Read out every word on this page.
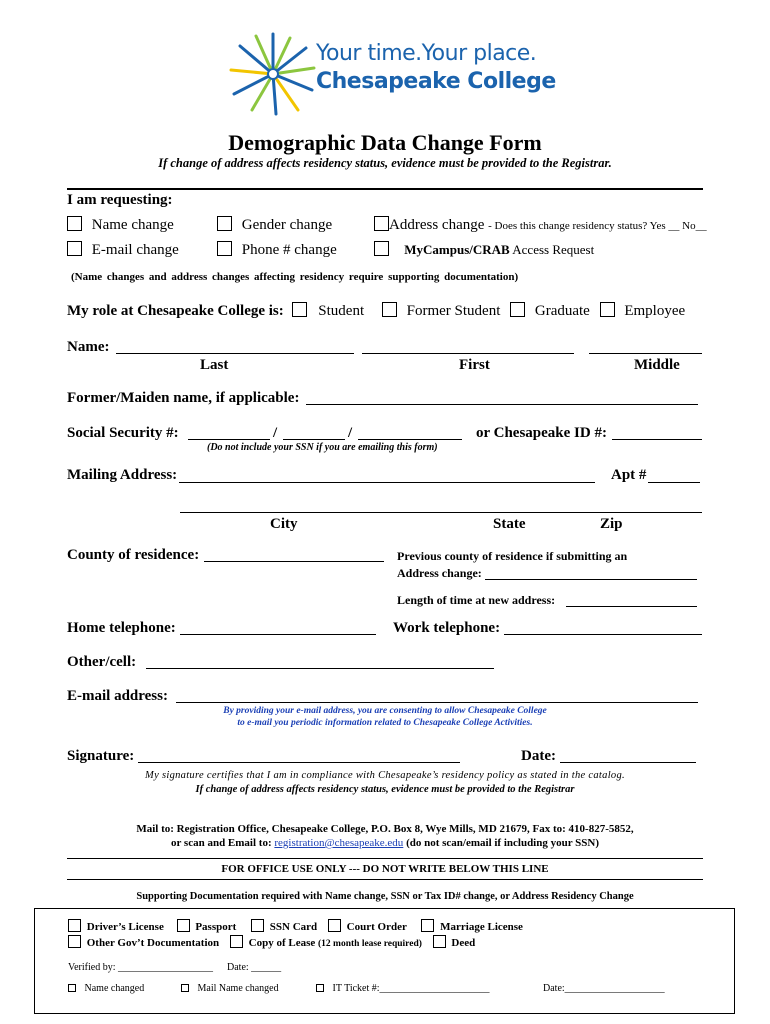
Your time.Your place.
Chesapeake College
Demographic Data Change Form
If change of address affects residency status, evidence must be provided to the Registrar.
I am requesting:
Name change	Gender change	Address change - Does this change residency status? Yes __ No__
E-mail change	Phone # change	MyCampus/CRAB Access Request
(Name changes and address changes affecting residency require supporting documentation)
My role at Chesapeake College is: Student	Former Student Graduate Employee
Name:
Last	First	Middle
Former/Maiden name, if applicable:
Social Security #:	/	/	or Chesapeake ID #:
(Do not include your SSN if you are emailing this form)
Mailing Address:	Apt #
City	State	Zip
County of residence:	Previous county of residence if submitting an
Address change:
Length of time at new address:
Home telephone:	Work telephone:
Other/cell:
E-mail address:
By providing your e-mail address, you are consenting to allow Chesapeake College
to e-mail you periodic information related to Chesapeake College Activities.
Signature:	Date:
My signature certifies that I am in compliance with Chesapeake’s residency policy as stated in the catalog.
If change of address affects residency status, evidence must be provided to the Registrar
Mail to: Registration Office, Chesapeake College, P.O. Box 8, Wye Mills, MD 21679, Fax to: 410-827-5852,
or scan and Email to: registration@chesapeake.edu (do not scan/email if including your SSN)
FOR OFFICE USE ONLY --- DO NOT WRITE BELOW THIS LINE
Supporting Documentation required with Name change, SSN or Tax ID# change, or Address Residency Change
Driver’s License	Passport	SSN Card	Court Order	Marriage License
Other Gov’t Documentation	Copy of Lease (12 month lease required)	Deed
Verified by: ___________________ Date: ______
Name changed	Mail Name changed	IT Ticket #:______________________	Date:____________________
